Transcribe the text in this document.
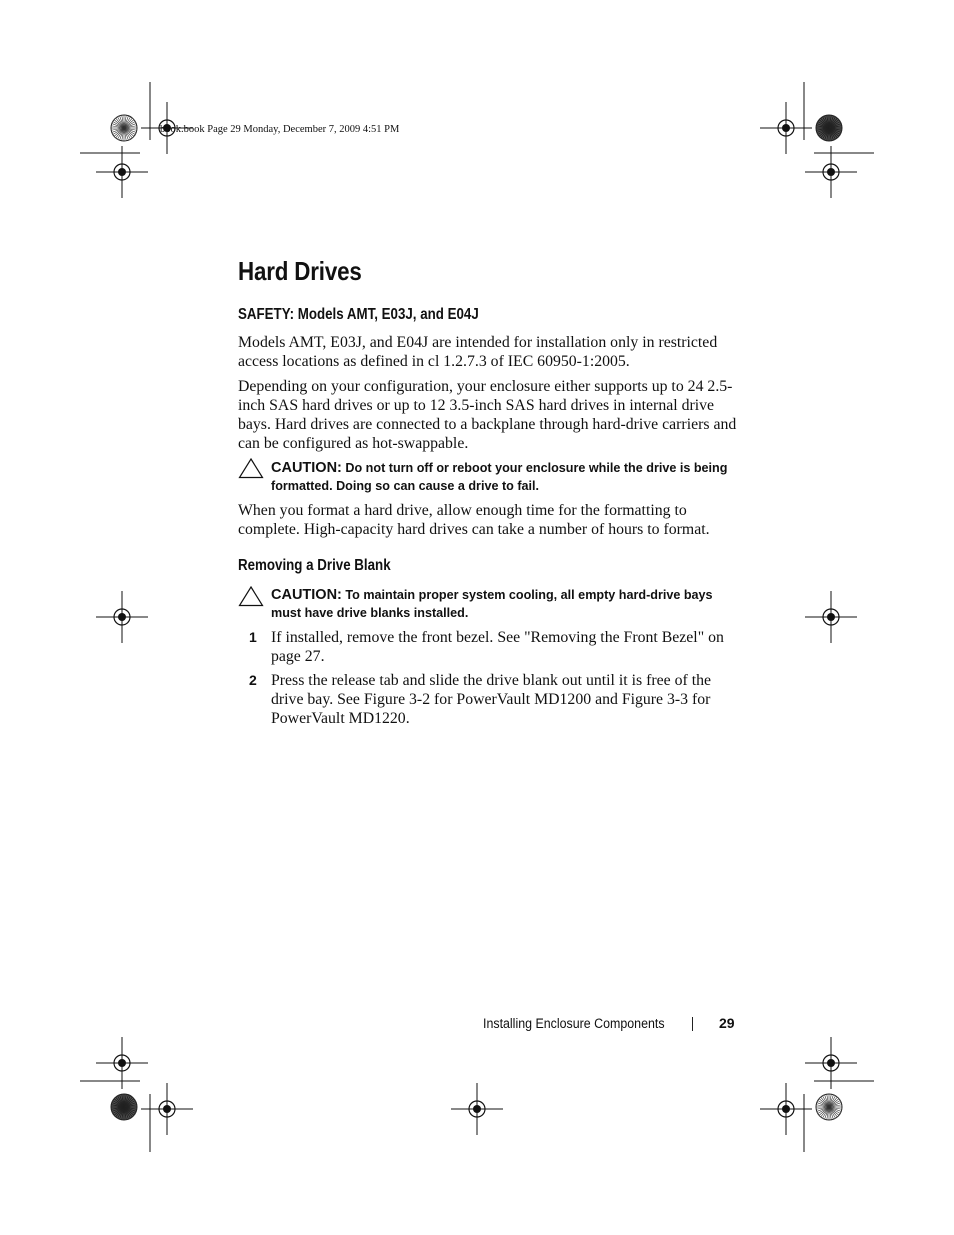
book.book Page 29 Monday, December 7, 2009 4:51 PM
Hard Drives
SAFETY: Models AMT, E03J, and E04J
Models AMT, E03J, and E04J are intended for installation only in restricted access locations as defined in cl 1.2.7.3 of IEC 60950-1:2005.
Depending on your configuration, your enclosure either supports up to 24 2.5-inch SAS hard drives or up to 12 3.5-inch SAS hard drives in internal drive bays. Hard drives are connected to a backplane through hard-drive carriers and can be configured as hot-swappable.
CAUTION: Do not turn off or reboot your enclosure while the drive is being formatted. Doing so can cause a drive to fail.
When you format a hard drive, allow enough time for the formatting to complete. High-capacity hard drives can take a number of hours to format.
Removing a Drive Blank
CAUTION: To maintain proper system cooling, all empty hard-drive bays must have drive blanks installed.
1 If installed, remove the front bezel. See "Removing the Front Bezel" on page 27.
2 Press the release tab and slide the drive blank out until it is free of the drive bay. See Figure 3-2 for PowerVault MD1200 and Figure 3-3 for PowerVault MD1220.
Installing Enclosure Components	29
